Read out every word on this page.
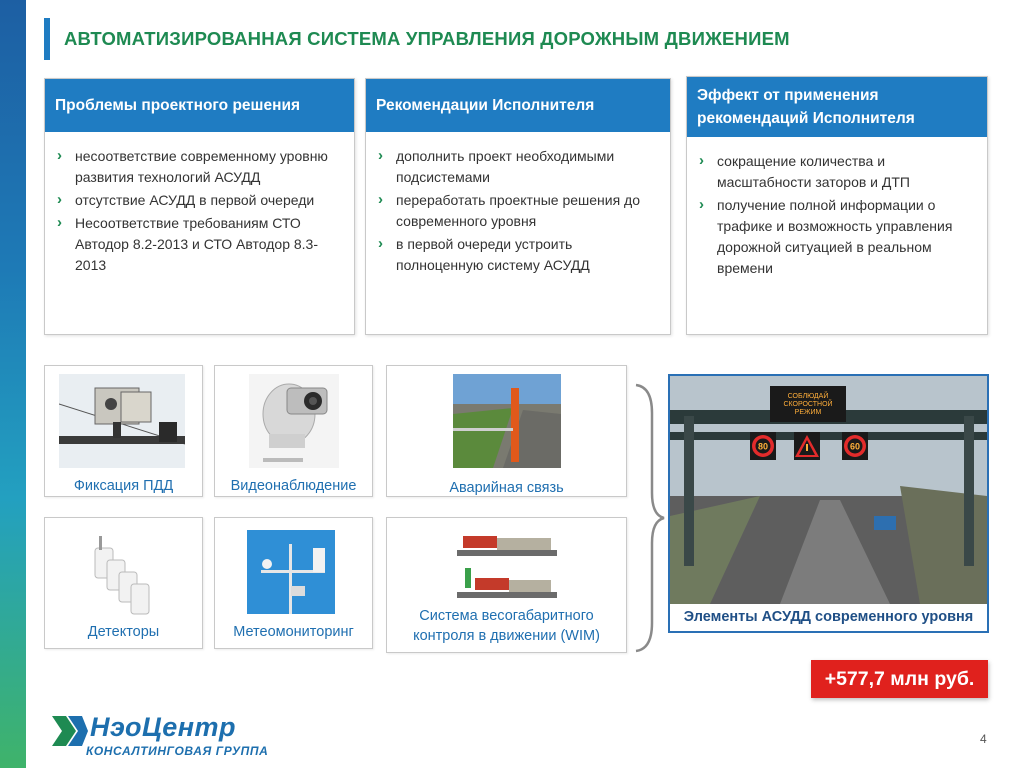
АВТОМАТИЗИРОВАННАЯ СИСТЕМА УПРАВЛЕНИЯ ДОРОЖНЫМ ДВИЖЕНИЕМ
Проблемы проектного решения
› несоответствие современному уровню развития технологий АСУДД
› отсутствие АСУДД в первой очереди
› Несоответствие требованиям СТО Автодор 8.2-2013 и СТО Автодор 8.3-2013
Рекомендации Исполнителя
› дополнить проект необходимыми подсистемами
› переработать проектные решения до современного уровня
› в первой очереди устроить полноценную систему АСУДД
Эффект от применения рекомендаций Исполнителя
› сокращение количества и масштабности заторов и ДТП
› получение полной информации о трафике и возможность управления дорожной ситуацией в реальном времени
Фиксация ПДД	Видеонаблюдение	Аварийная связь
Детекторы	Метеомониторинг
Система весогабаритного контроля в движении (WIM)
СОБЛЮДАЙ СКОРОСТНОЙ РЕЖИМ
80	60
Элементы АСУДД современного уровня
+577,7 млн руб.
НэоЦентр
КОНСАЛТИНГОВАЯ ГРУППА
4
